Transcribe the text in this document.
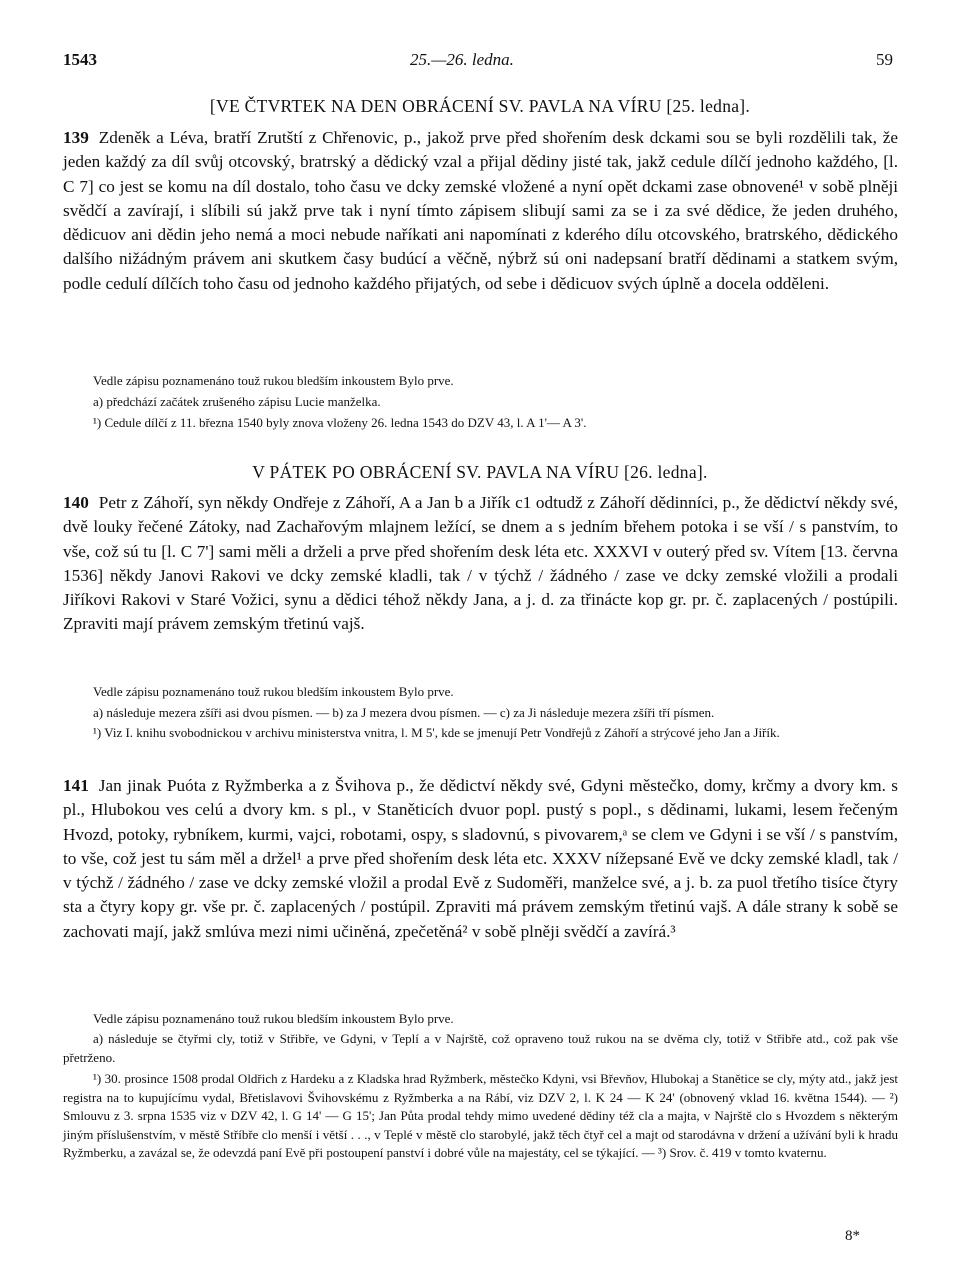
1543	25.—26. ledna.	59
[VE ČTVRTEK NA DEN OBRÁCENÍ SV. PAVLA NA VÍRU [25. ledna].
139 Zdeněk a Léva, bratří Zrutští z Chřenovic, p., jakož prve před shořením desk dckami sou se byli rozdělili tak, že jeden každý za díl svůj otcovský, bratrský a dědický vzal a přijal dědiny jisté tak, jakž cedule dílčí jednoho každého, [l. C 7] co jest se komu na díl dostalo, toho času ve dcky zemské vložené a nyní opět dckami zase obnovené¹ v sobě plněji svědčí a zavírají, i slíbili sú jakž prve tak i nyní tímto zápisem slibují sami za se i za své dědice, že jeden druhého, dědicuov ani dědin jeho nemá a moci nebude naříkati ani napomínati z kderého dílu otcovského, bratrského, dědického dalšího nižádným právem ani skutkem časy budúcí a věčně, nýbrž sú oni nadepsaní bratří dědinami a statkem svým, podle cedulí dílčích toho času od jednoho každého přijatých, od sebe i dědicuov svých úplně a docela odděleni.
Vedle zápisu poznamenáno touž rukou bledším inkoustem Bylo prve.
a) předchází začátek zrušeného zápisu Lucie manželka.
¹) Cedule dílčí z 11. března 1540 byly znova vloženy 26. ledna 1543 do DZV 43, l. A 1'— A 3'.
V PÁTEK PO OBRÁCENÍ SV. PAVLA NA VÍRU [26. ledna].
140 Petr z Záhoří, syn někdy Ondřeje z Záhoří, A a Jan b a Jiřík c1 odtudž z Záhoří dědinníci, p., že dědictví někdy své, dvě louky řečené Zátoky, nad Zachařovým mlajnem ležící, se dnem a s jedním břehem potoka i se vší / s panstvím, to vše, což sú tu [l. C 7'] sami měli a drželi a prve před shořením desk léta etc. XXXVI v outerý před sv. Vítem [13. června 1536] někdy Janovi Rakovi ve dcky zemské kladli, tak / v týchž / žádného / zase ve dcky zemské vložili a prodali Jiříkovi Rakovi v Staré Vožici, synu a dědici téhož někdy Jana, a j. d. za třinácte kop gr. pr. č. zaplacených / postúpili. Zpraviti mají právem zemským třetinú vajš.
Vedle zápisu poznamenáno touž rukou bledším inkoustem Bylo prve.
a) následuje mezera zšíři asi dvou písmen. — b) za J mezera dvou písmen. — c) za Ji následuje mezera zšíři tří písmen.
¹) Viz I. knihu svobodnickou v archivu ministerstva vnitra, l. M 5', kde se jmenují Petr Vondřejů z Záhoří a strýcové jeho Jan a Jiřík.
141 Jan jinak Puóta z Ryžmberka a z Švihova p., že dědictví někdy své, Gdyni městečko, domy, krčmy a dvory km. s pl., Hlubokou ves celú a dvory km. s pl., v Staněticích dvuor popl. pustý s popl., s dědinami, lukami, lesem řečeným Hvozd, potoky, rybníkem, kurmi, vajci, robotami, ospy, s sladovnú, s pivovarem,ᵃ se clem ve Gdyni i se vší / s panstvím, to vše, což jest tu sám měl a držel¹ a prve před shořením desk léta etc. XXXV nížepsané Evě ve dcky zemské kladl, tak / v týchž / žádného / zase ve dcky zemské vložil a prodal Evě z Sudoměři, manželce své, a j. b. za puol třetího tisíce čtyry sta a čtyry kopy gr. vše pr. č. zaplacených / postúpil. Zpraviti má právem zemským třetinú vajš. A dále strany k sobě se zachovati mají, jakž smlúva mezi nimi učiněná, zpečetěná² v sobě plněji svědčí a zavírá.³
Vedle zápisu poznamenáno touž rukou bledším inkoustem Bylo prve.
a) následuje se čtyřmi cly, totiž v Střibře, ve Gdyni, v Teplí a v Najrště, což opraveno touž rukou na se dvěma cly, totiž v Střibře atd., což pak vše přetrženo.
¹) 30. prosince 1508 prodal Oldřich z Hardeku a z Kladska hrad Ryžmberk, městečko Kdyni, vsi Břevňov, Hlubokaj a Staněticе se cly, mýty atd., jakž jest registra na to kupujícímu vydal, Břetislavovi Švihovskému z Ryžmberka a na Rábí, viz DZV 2, l. K 24 — K 24' (obnovený vklad 16. května 1544). — ²) Smlouvu z 3. srpna 1535 viz v DZV 42, l. G 14' — G 15'; Jan Půta prodal tehdy mimo uvedené dědiny též cla a majta, v Najrště clo s Hvozdem s některým jiným příslušenstvím, v městě Stříbře clo menší i větší . . ., v Teplé v městě clo starobylé, jakž těch čtyř cel a majt od starodávna v držení a užívání byli k hradu Ryžmberku, a zavázal se, že odevzdá paní Evě při postoupení panství i dobré vůle na majestáty, cel se týkající. — ³) Srov. č. 419 v tomto kvaternu.
8*
